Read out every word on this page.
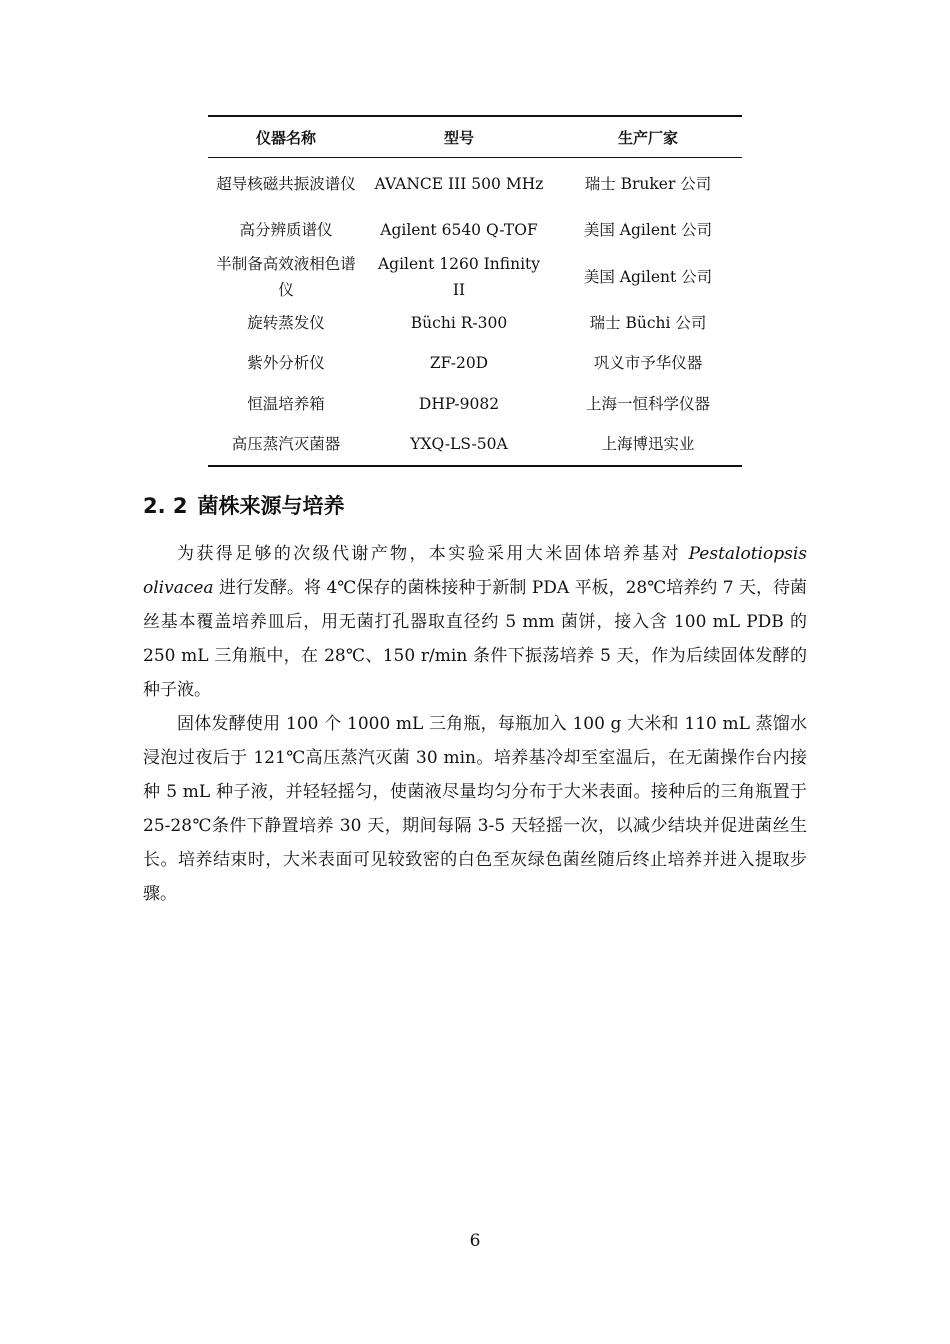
仪器名称	型号	生产厂家
超导核磁共振波谱仪	AVANCE III 500 MHz	瑞士 Bruker 公司
高分辨质谱仪	Agilent 6540 Q-TOF	美国 Agilent 公司
半制备高效液相色谱仪	Agilent 1260 Infinity II	美国 Agilent 公司
旋转蒸发仪	Büchi R-300	瑞士 Büchi 公司
紫外分析仪	ZF-20D	巩义市予华仪器
恒温培养箱	DHP-9082	上海一恒科学仪器
高压蒸汽灭菌器	YXQ-LS-50A	上海博迅实业
2. 2 菌株来源与培养

为获得足够的次级代谢产物，本实验采用大米固体培养基对 Pestalotiopsis olivacea 进行发酵。将 4℃保存的菌株接种于新制 PDA 平板，28℃培养约 7 天，待菌丝基本覆盖培养皿后，用无菌打孔器取直径约 5 mm 菌饼，接入含 100 mL PDB 的 250 mL 三角瓶中，在 28℃、150 r/min 条件下振荡培养 5 天，作为后续固体发酵的种子液。

固体发酵使用 100 个 1000 mL 三角瓶，每瓶加入 100 g 大米和 110 mL 蒸馏水浸泡过夜后于 121℃高压蒸汽灭菌 30 min。培养基冷却至室温后，在无菌操作台内接种 5 mL 种子液，并轻轻摇匀，使菌液尽量均匀分布于大米表面。接种后的三角瓶置于 25-28℃条件下静置培养 30 天，期间每隔 3-5 天轻摇一次，以减少结块并促进菌丝生长。培养结束时，大米表面可见较致密的白色至灰绿色菌丝随后终止培养并进入提取步骤。

6
